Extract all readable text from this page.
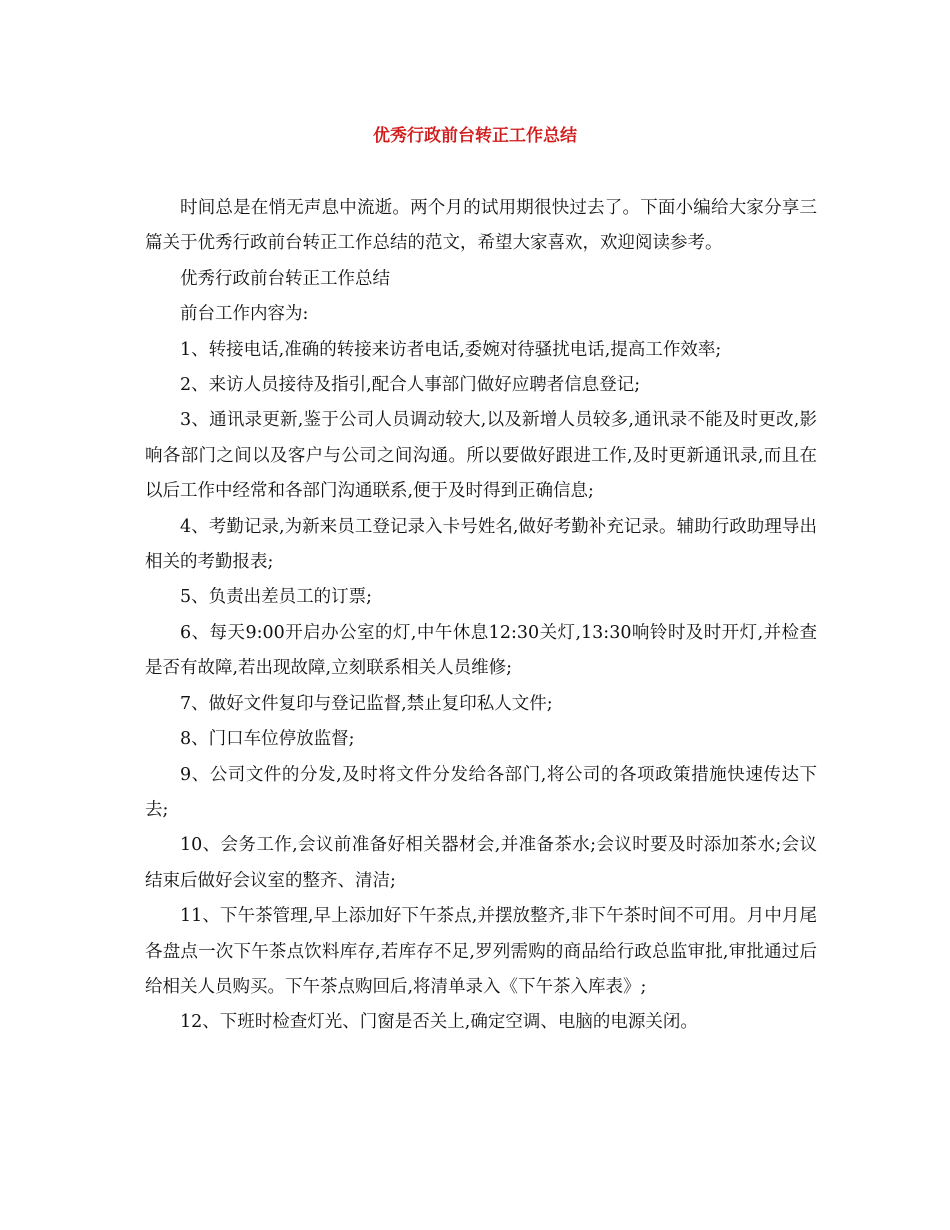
优秀行政前台转正工作总结

时间总是在悄无声息中流逝。两个月的试用期很快过去了。下面小编给大家分享三篇关于优秀行政前台转正工作总结的范文，希望大家喜欢，欢迎阅读参考。

优秀行政前台转正工作总结

前台工作内容为:

1、转接电话,准确的转接来访者电话,委婉对待骚扰电话,提高工作效率;

2、来访人员接待及指引,配合人事部门做好应聘者信息登记;

3、通讯录更新,鉴于公司人员调动较大,以及新增人员较多,通讯录不能及时更改,影响各部门之间以及客户与公司之间沟通。所以要做好跟进工作,及时更新通讯录,而且在以后工作中经常和各部门沟通联系,便于及时得到正确信息;

4、考勤记录,为新来员工登记录入卡号姓名,做好考勤补充记录。辅助行政助理导出相关的考勤报表;

5、负责出差员工的订票;

6、每天9:00开启办公室的灯,中午休息12:30关灯,13:30响铃时及时开灯,并检查是否有故障,若出现故障,立刻联系相关人员维修;

7、做好文件复印与登记监督,禁止复印私人文件;

8、门口车位停放监督;

9、公司文件的分发,及时将文件分发给各部门,将公司的各项政策措施快速传达下去;

10、会务工作,会议前准备好相关器材会,并准备茶水;会议时要及时添加茶水;会议结束后做好会议室的整齐、清洁;

11、下午茶管理,早上添加好下午茶点,并摆放整齐,非下午茶时间不可用。月中月尾各盘点一次下午茶点饮料库存,若库存不足,罗列需购的商品给行政总监审批,审批通过后给相关人员购买。下午茶点购回后,将清单录入《下午茶入库表》;

12、下班时检查灯光、门窗是否关上,确定空调、电脑的电源关闭。
